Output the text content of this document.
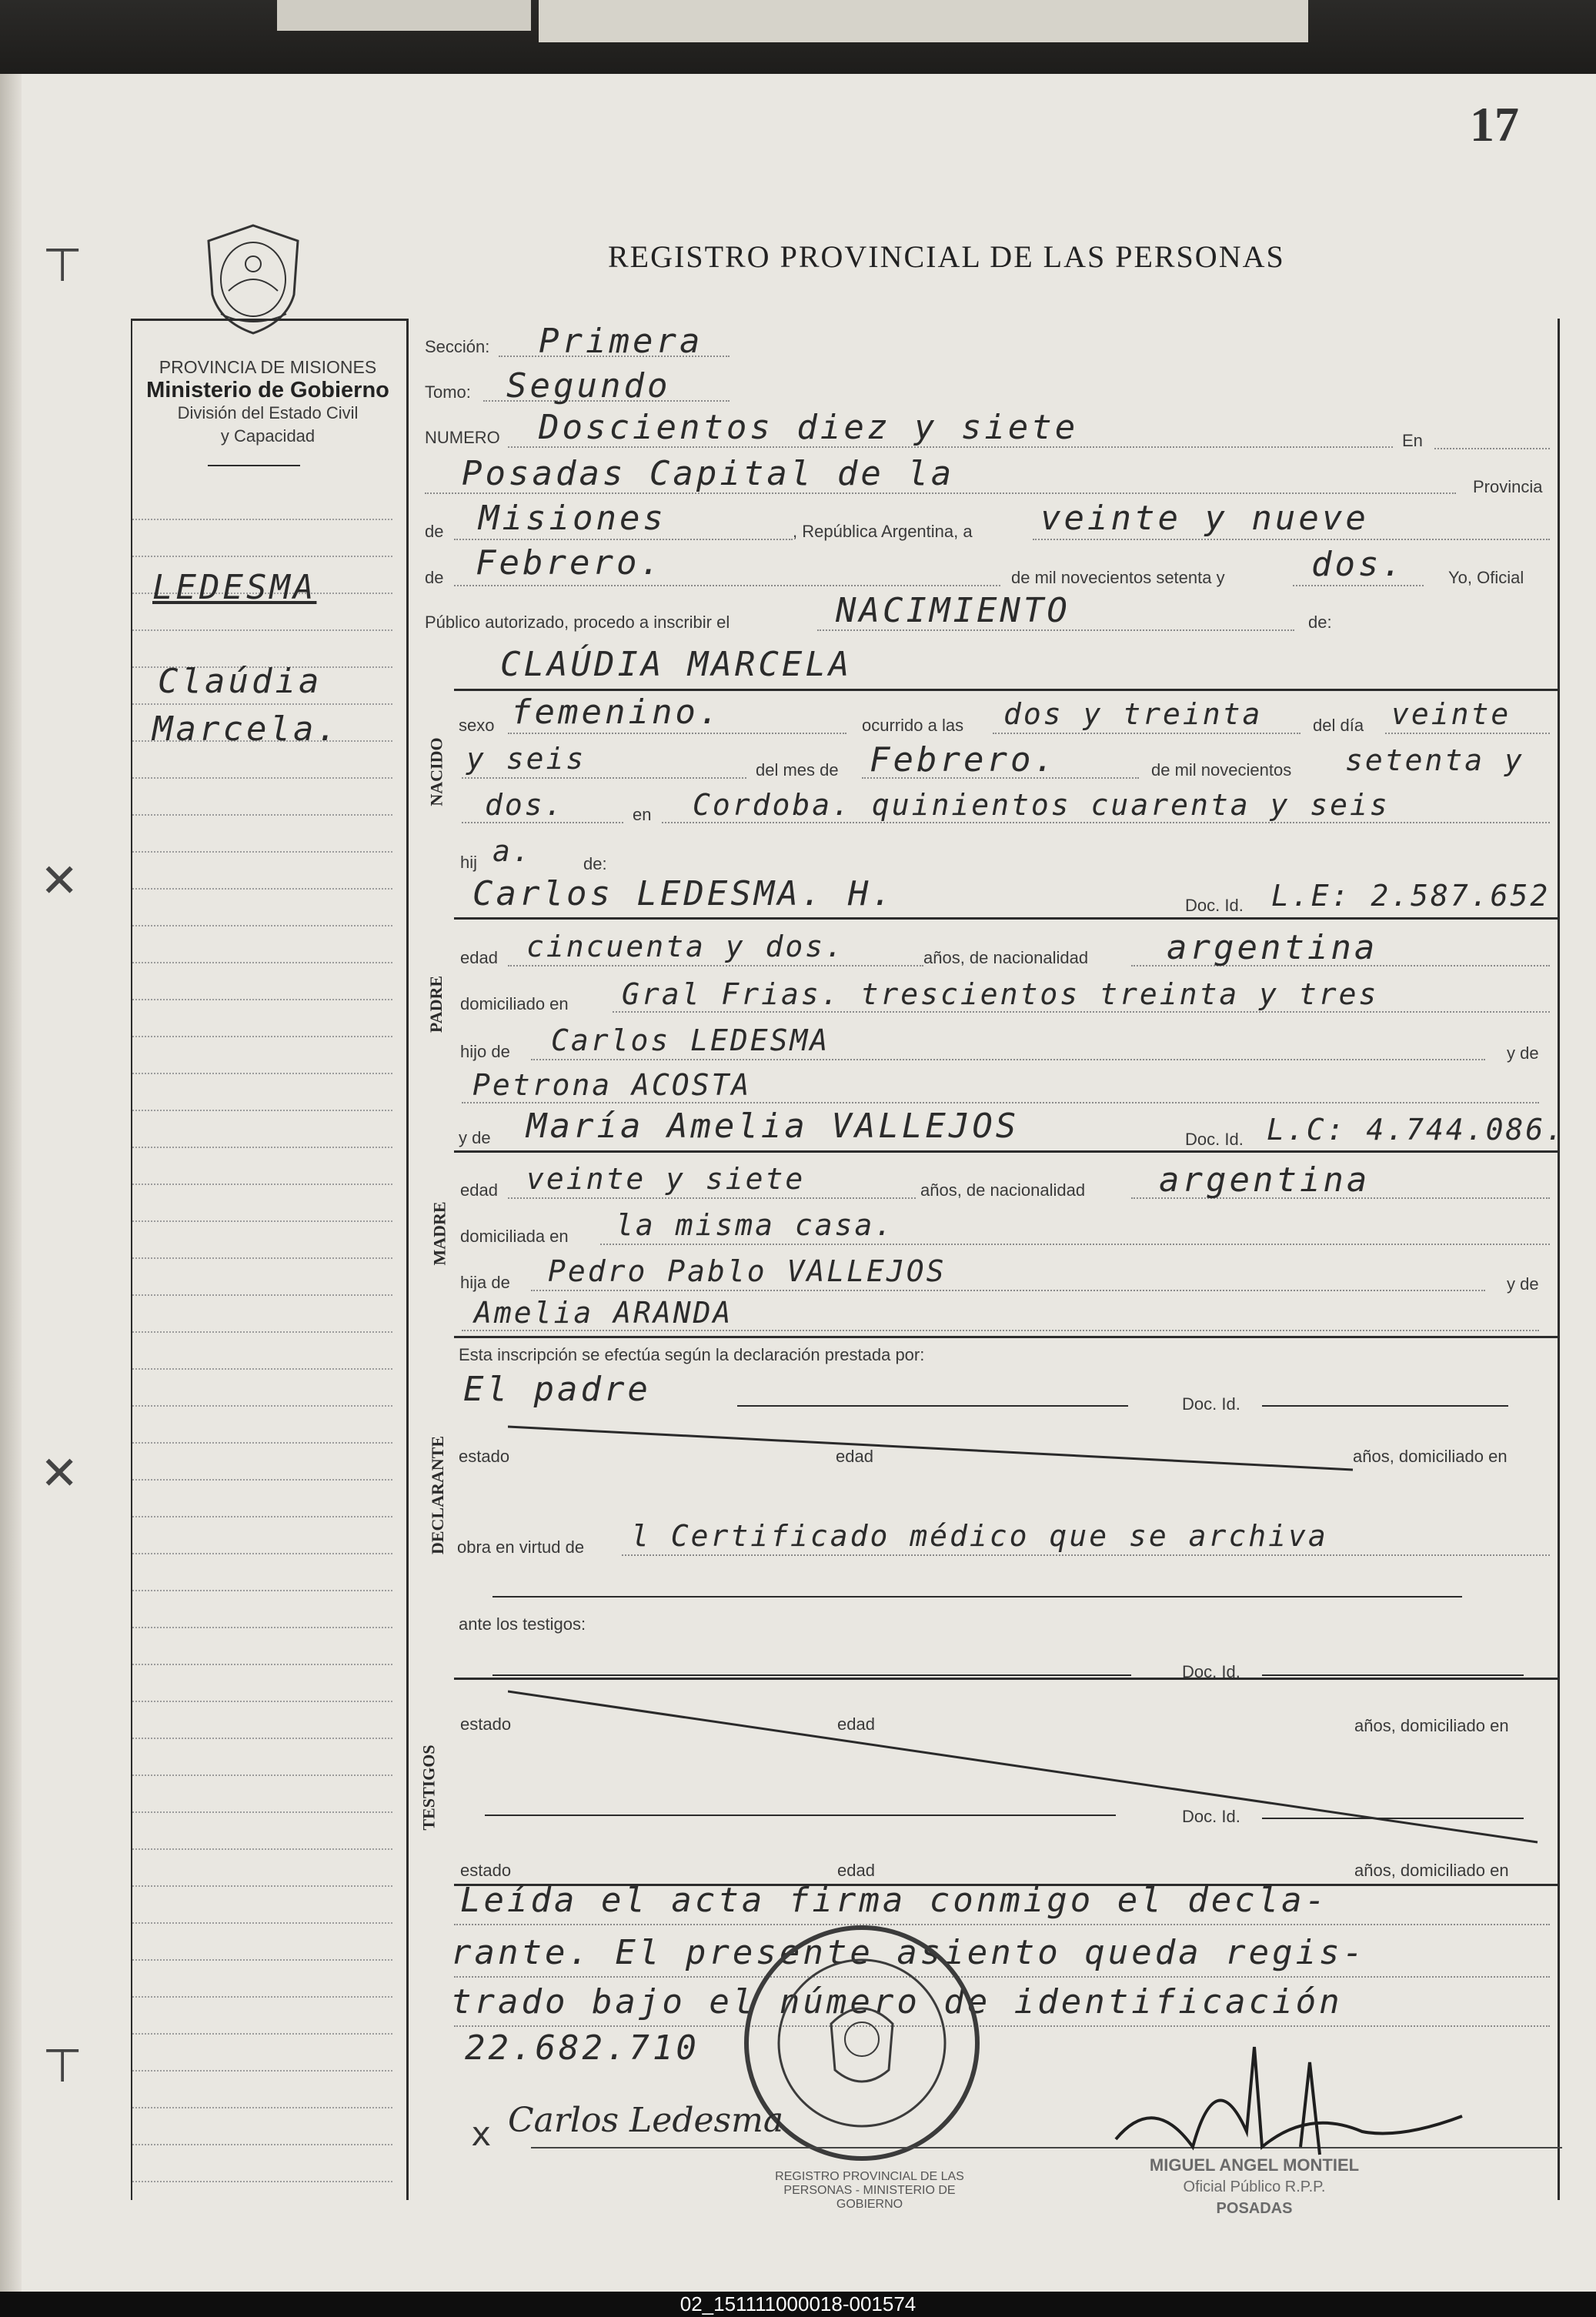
⊤
✕
✕
⊤
17
REGISTRO PROVINCIAL DE LAS PERSONAS
PROVINCIA DE MISIONES
Ministerio de Gobierno
División del Estado Civil
y Capacidad
LEDESMA
Claúdia
Marcela.
NACIDO
PADRE
MADRE
DECLARANTE
TESTIGOS
Sección: Primera
Tomo: Segundo
NUMERO Doscientos diez y siete	En
Posadas Capital de la	Provincia
de Misiones	, República Argentina, a veinte y nueve
de Febrero.	de mil novecientos setenta y	dos.	Yo, Oficial
Público autorizado, procedo a inscribir el	NACIMIENTO	de:
CLAÚDIA MARCELA
sexo femenino.	ocurrido a las dos y treinta	del día veinte
y seis	del mes de Febrero.	de mil novecientos setenta y
dos.	en Cordoba. quinientos cuarenta y seis
hij a.	de:
Carlos LEDESMA. H.	Doc. Id. L.E: 2.587.652
edad cincuenta y dos.	años, de nacionalidad argentina
domiciliado en Gral Frias. trescientos treinta y tres
hijo de Carlos LEDESMA	y de
Petrona ACOSTA
y de María Amelia VALLEJOS	Doc. Id. L.C: 4.744.086.
edad veinte y siete	años, de nacionalidad argentina
domiciliada en la misma casa.
hija de Pedro Pablo VALLEJOS	y de
Amelia ARANDA
Esta inscripción se efectúa según la declaración prestada por:
El padre	Doc. Id.
estado	edad	años, domiciliado en
obra en virtud de l Certificado médico que se archiva
ante los testigos:
Doc. Id.
estado	edad	años, domiciliado en
Doc. Id.
estado	edad	años, domiciliado en
Leída el acta firma conmigo el decla-
rante. El presente asiento queda regis-
trado bajo el número de identificación
22.682.710
REGISTRO PROVINCIAL DE LAS PERSONAS - MINISTERIO DE GOBIERNO
x Carlos Ledesma
MIGUEL ANGEL MONTIEL
Oficial Público R.P.P.
POSADAS
02_151111000018-001574
